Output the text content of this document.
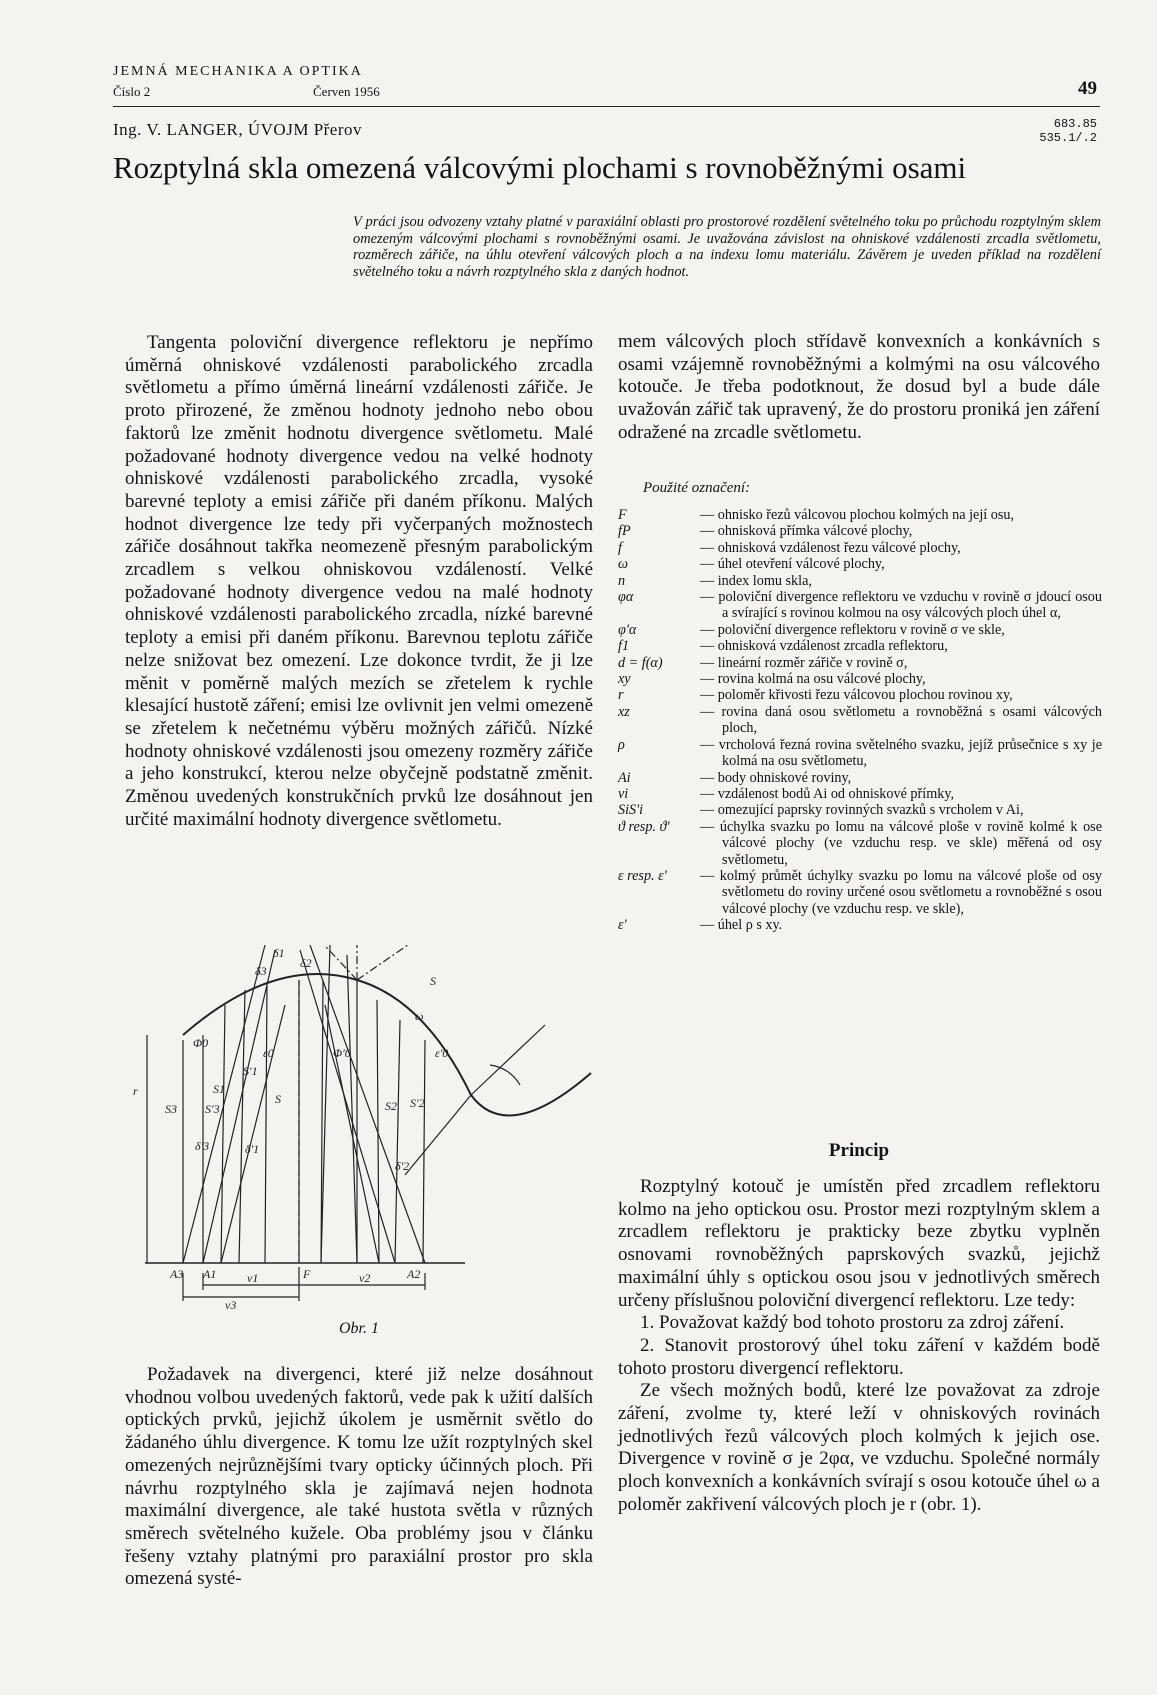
JEMNÁ MECHANIKA A OPTIKA
Číslo 2	Červen 1956	49
Ing. V. LANGER, ÚVOJM Přerov	683.85
535.1/.2
Rozptylná skla omezená válcovými plochami s rovnoběžnými osami
V práci jsou odvozeny vztahy platné v paraxiální oblasti pro prostorové rozdělení světelného toku po průchodu rozptylným sklem omezeným válcovými plochami s rovnoběžnými osami. Je uvažována závislost na ohniskové vzdálenosti zrcadla světlometu, rozměrech zářiče, na úhlu otevření válcových ploch a na indexu lomu materiálu. Závěrem je uveden příklad na rozdělení světelného toku a návrh rozptylného skla z daných hodnot.

Tangenta poloviční divergence reflektoru je nepřímo úměrná ohniskové vzdálenosti parabolického zrcadla světlometu a přímo úměrná lineární vzdálenosti zářiče. Je proto přirozené, že změnou hodnoty jednoho nebo obou faktorů lze změnit hodnotu divergence světlometu. Malé požadované hodnoty divergence vedou na velké hodnoty ohniskové vzdálenosti parabolického zrcadla, vysoké barevné teploty a emisi zářiče při daném příkonu. Malých hodnot divergence lze tedy při vyčerpaných možnostech zářiče dosáhnout takřka neomezeně přesným parabolickým zrcadlem s velkou ohniskovou vzdáleností. Velké požadované hodnoty divergence vedou na malé hodnoty ohniskové vzdálenosti parabolického zrcadla, nízké barevné teploty a emisi při daném příkonu. Barevnou teplotu zářiče nelze snižovat bez omezení. Lze dokonce tvrdit, že ji lze měnit v poměrně malých mezích se zřetelem k rychle klesající hustotě záření; emisi lze ovlivnit jen velmi omezeně se zřetelem k nečetnému výběru možných zářičů. Nízké hodnoty ohniskové vzdálenosti jsou omezeny rozměry zářiče a jeho konstrukcí, kterou nelze obyčejně podstatně změnit. Změnou uvedených konstrukčních prvků lze dosáhnout jen určité maximální hodnoty divergence světlometu.

S
ω
δ1
δ2
δ3
Φ0
Φ'0
ε0	ε'0
S1
S'1
S2 S'2
S3 S'3
S
δ'3	δ'1
δ'2
A3 A1	F	A2
v1	v2
v3
r
Obr. 1

Požadavek na divergenci, které již nelze dosáhnout vhodnou volbou uvedených faktorů, vede pak k užití dalších optických prvků, jejichž úkolem je usměrnit světlo do žádaného úhlu divergence. K tomu lze užít rozptylných skel omezených nejrůznějšími tvary opticky účinných ploch. Při návrhu rozptylného skla je zajímavá nejen hodnota maximální divergence, ale také hustota světla v různých směrech světelného kužele. Oba problémy jsou v článku řešeny vztahy platnými pro paraxiální prostor pro skla omezená systé-

mem válcových ploch střídavě konvexních a konkávních s osami vzájemně rovnoběžnými a kolmými na osu válcového kotouče. Je třeba podotknout, že dosud byl a bude dále uvažován zářič tak upravený, že do prostoru proniká jen záření odražené na zrcadle světlometu.

Použité označení:
F	— ohnisko řezů válcovou plochou kolmých na její osu,
fP	— ohnisková přímka válcové plochy,
f	— ohnisková vzdálenost řezu válcové plochy,
ω	— úhel otevření válcové plochy,
n	— index lomu skla,
φα	— poloviční divergence reflektoru ve vzduchu v rovině σ jdoucí osou a svírající s rovinou kolmou na osy válcových ploch úhel α,
φ'α	— poloviční divergence reflektoru v rovině σ ve skle,
f1	— ohnisková vzdálenost zrcadla reflektoru,
d = f(α)	— lineární rozměr zářiče v rovině σ,
xy	— rovina kolmá na osu válcové plochy,
r	— poloměr křivosti řezu válcovou plochou rovinou xy,
xz	— rovina daná osou světlometu a rovnoběžná s osami válcových ploch,
ρ	— vrcholová řezná rovina světelného svazku, jejíž průsečnice s xy je kolmá na osu světlometu,
Ai	— body ohniskové roviny,
vi	— vzdálenost bodů Ai od ohniskové přímky,
SiS'i	— omezující paprsky rovinných svazků s vrcholem v Ai,
ϑ resp. ϑ'	— úchylka svazku po lomu na válcové ploše v rovině kolmé k ose válcové plochy (ve vzduchu resp. ve skle) měřená od osy světlometu,
ε resp. ε'	— kolmý průmět úchylky svazku po lomu na válcové ploše od osy světlometu do roviny určené osou světlometu a rovnoběžné s osou válcové plochy (ve vzduchu resp. ve skle),
ε'	— úhel ρ s xy.
Princip

Rozptylný kotouč je umístěn před zrcadlem reflektoru kolmo na jeho optickou osu. Prostor mezi rozptylným sklem a zrcadlem reflektoru je prakticky beze zbytku vyplněn osnovami rovnoběžných paprskových svazků, jejichž maximální úhly s optickou osou jsou v jednotlivých směrech určeny příslušnou poloviční divergencí reflektoru. Lze tedy:

1. Považovat každý bod tohoto prostoru za zdroj záření.

2. Stanovit prostorový úhel toku záření v každém bodě tohoto prostoru divergencí reflektoru.

Ze všech možných bodů, které lze považovat za zdroje záření, zvolme ty, které leží v ohniskových rovinách jednotlivých řezů válcových ploch kolmých k jejich ose. Divergence v rovině σ je 2φα, ve vzduchu. Společné normály ploch konvexních a konkávních svírají s osou kotouče úhel ω a poloměr zakřivení válcových ploch je r (obr. 1).
